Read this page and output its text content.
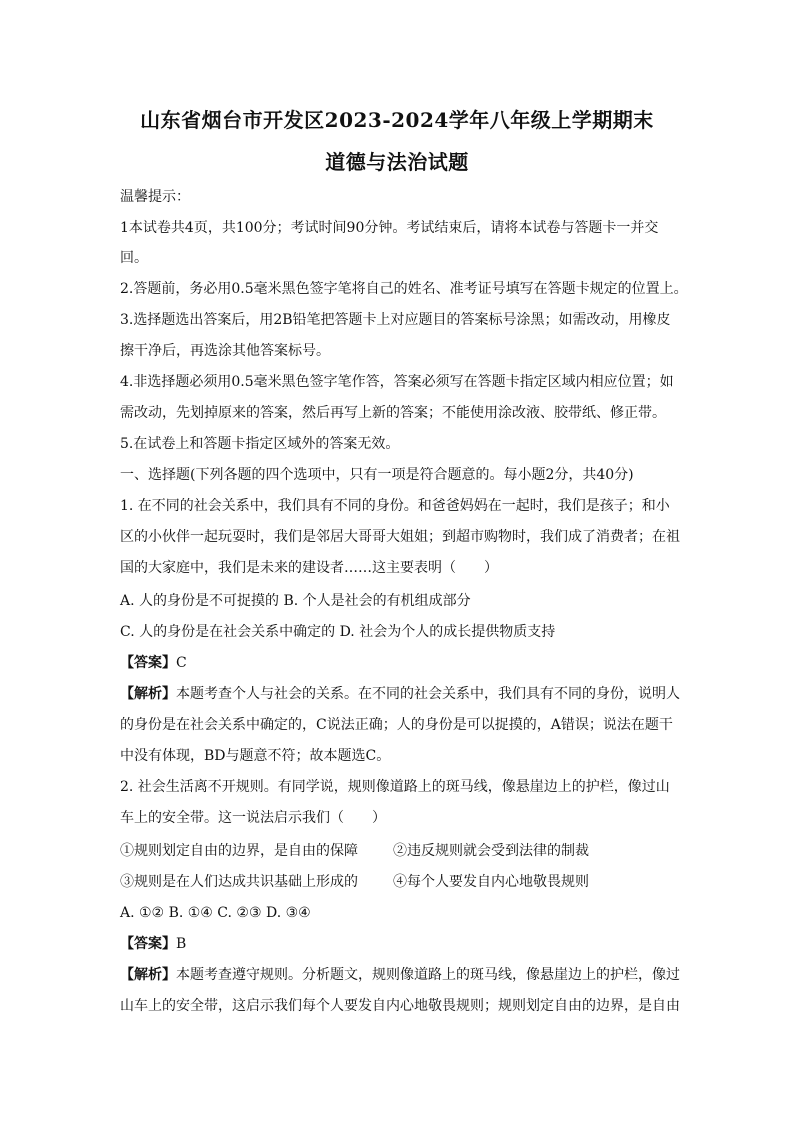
山东省烟台市开发区2023-2024学年八年级上学期期末
道德与法治试题
温馨提示：
1本试卷共4页，共100分；考试时间90分钟。考试结束后，请将本试卷与答题卡一并交
回。
2.答题前，务必用0.5毫米黑色签字笔将自己的姓名、准考证号填写在答题卡规定的位置上。
3.选择题选出答案后，用2B铅笔把答题卡上对应题目的答案标号涂黑；如需改动，用橡皮
擦干净后，再选涂其他答案标号。
4.非选择题必须用0.5毫米黑色签字笔作答，答案必须写在答题卡指定区域内相应位置；如
需改动，先划掉原来的答案，然后再写上新的答案；不能使用涂改液、胶带纸、修正带。
5.在试卷上和答题卡指定区域外的答案无效。
一、选择题(下列各题的四个选项中，只有一项是符合题意的。每小题2分，共40分)
1. 在不同的社会关系中，我们具有不同的身份。和爸爸妈妈在一起时，我们是孩子；和小
区的小伙伴一起玩耍时，我们是邻居大哥哥大姐姐；到超市购物时，我们成了消费者；在祖
国的大家庭中，我们是未来的建设者……这主要表明（　　）
A. 人的身份是不可捉摸的 B. 个人是社会的有机组成部分
C. 人的身份是在社会关系中确定的 D. 社会为个人的成长提供物质支持
【答案】C
【解析】本题考查个人与社会的关系。在不同的社会关系中，我们具有不同的身份，说明人
的身份是在社会关系中确定的，C说法正确；人的身份是可以捉摸的，A错误；说法在题干
中没有体现，BD与题意不符；故本题选C。
2. 社会生活离不开规则。有同学说，规则像道路上的斑马线，像悬崖边上的护栏，像过山
车上的安全带。这一说法启示我们（　　）
①规则划定自由的边界，是自由的保障	②违反规则就会受到法律的制裁
③规则是在人们达成共识基础上形成的	④每个人要发自内心地敬畏规则
A. ①② B. ①④ C. ②③ D. ③④
【答案】B
【解析】本题考查遵守规则。分析题文，规则像道路上的斑马线，像悬崖边上的护栏，像过
山车上的安全带，这启示我们每个人要发自内心地敬畏规则；规则划定自由的边界，是自由
